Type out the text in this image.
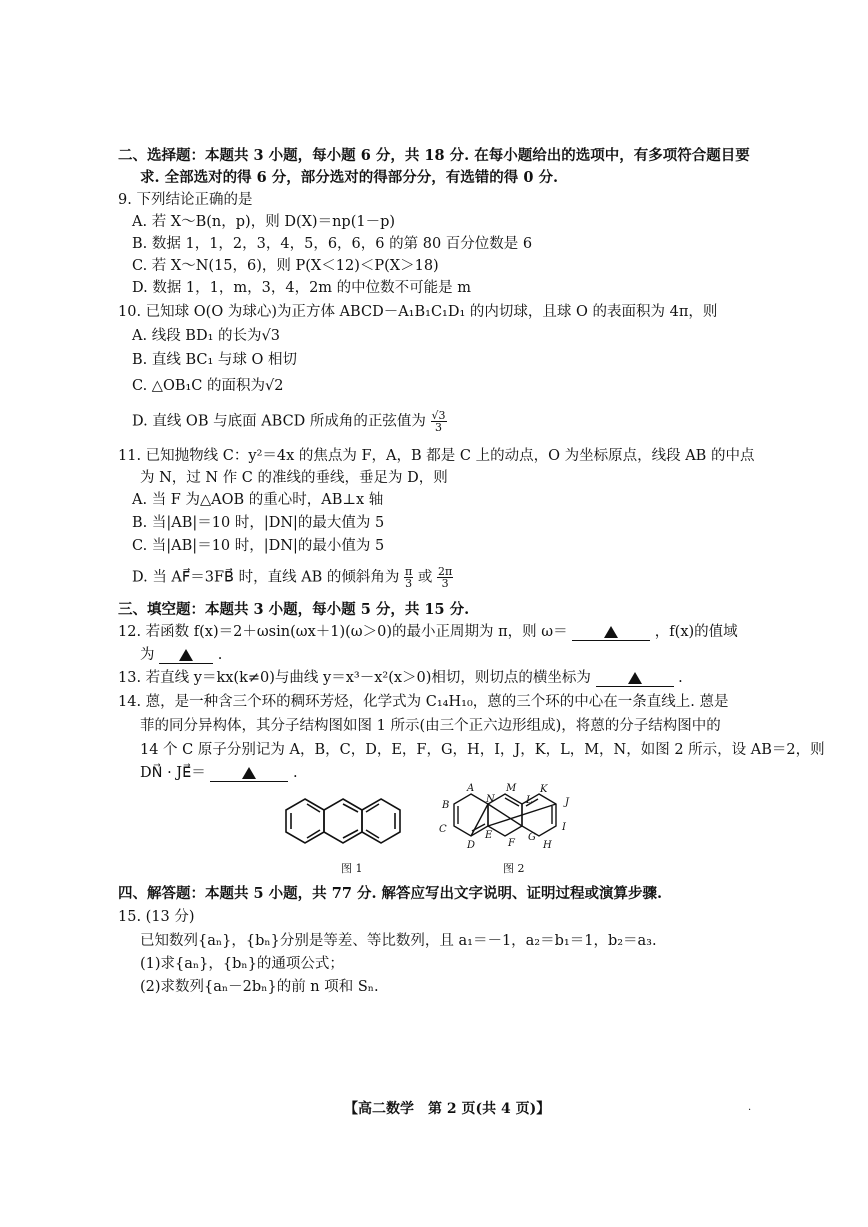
二、选择题：本题共 3 小题，每小题 6 分，共 18 分. 在每小题给出的选项中，有多项符合题目要
求. 全部选对的得 6 分，部分选对的得部分分，有选错的得 0 分.
9. 下列结论正确的是
A. 若 X～B(n，p)，则 D(X)＝np(1－p)
B. 数据 1，1，2，3，4，5，6，6，6 的第 80 百分位数是 6
C. 若 X～N(15，6)，则 P(X＜12)＜P(X＞18)
D. 数据 1，1，m，3，4，2m 的中位数不可能是 m
10. 已知球 O(O 为球心)为正方体 ABCD－A₁B₁C₁D₁ 的内切球，且球 O 的表面积为 4π，则
A. 线段 BD₁ 的长为√3
B. 直线 BC₁ 与球 O 相切
C. △OB₁C 的面积为√2
D. 直线 OB 与底面 ABCD 所成角的正弦值为 $\frac{√3}{3}$
11. 已知抛物线 C：y²＝4x 的焦点为 F，A，B 都是 C 上的动点，O 为坐标原点，线段 AB 的中点
为 N，过 N 作 C 的准线的垂线，垂足为 D，则
A. 当 F 为△AOB 的重心时，AB⊥x 轴
B. 当|AB|＝10 时，|DN|的最大值为 5
C. 当|AB|＝10 时，|DN|的最小值为 5
D. 当 AF⃗＝3FB⃗ 时，直线 AB 的倾斜角为 $\frac{\pi}{3}$ 或 $\frac{2\pi}{3}$
三、填空题：本题共 3 小题，每小题 5 分，共 15 分.
12. 若函数 f(x)＝2＋ωsin(ωx＋1)(ω＞0)的最小正周期为 π，则 ω＝	，f(x)的值域
为	.
13. 若直线 y＝kx(k≠0)与曲线 y＝x³－x²(x＞0)相切，则切点的横坐标为	.
14. 蒽，是一种含三个环的稠环芳烃，化学式为 C₁₄H₁₀，蒽的三个环的中心在一条直线上. 蒽是
菲的同分异构体，其分子结构图如图 1 所示(由三个正六边形组成)，将蒽的分子结构图中的
14 个 C 原子分别记为 A，B，C，D，E，F，G，H，I，J，K，L，M，N，如图 2 所示，设 AB＝2，则
DN⃗ · JE⃗＝	.
图 1
A	M K
B
N	L	J
C	I
D
E
F
G
H
图 2
四、解答题：本题共 5 小题，共 77 分. 解答应写出文字说明、证明过程或演算步骤.
15. (13 分)
已知数列{aₙ}，{bₙ}分别是等差、等比数列，且 a₁＝－1，a₂＝b₁＝1，b₂＝a₃.
(1)求{aₙ}，{bₙ}的通项公式；
(2)求数列{aₙ－2bₙ}的前 n 项和 Sₙ.
【高二数学　第 2 页(共 4 页)】	.
